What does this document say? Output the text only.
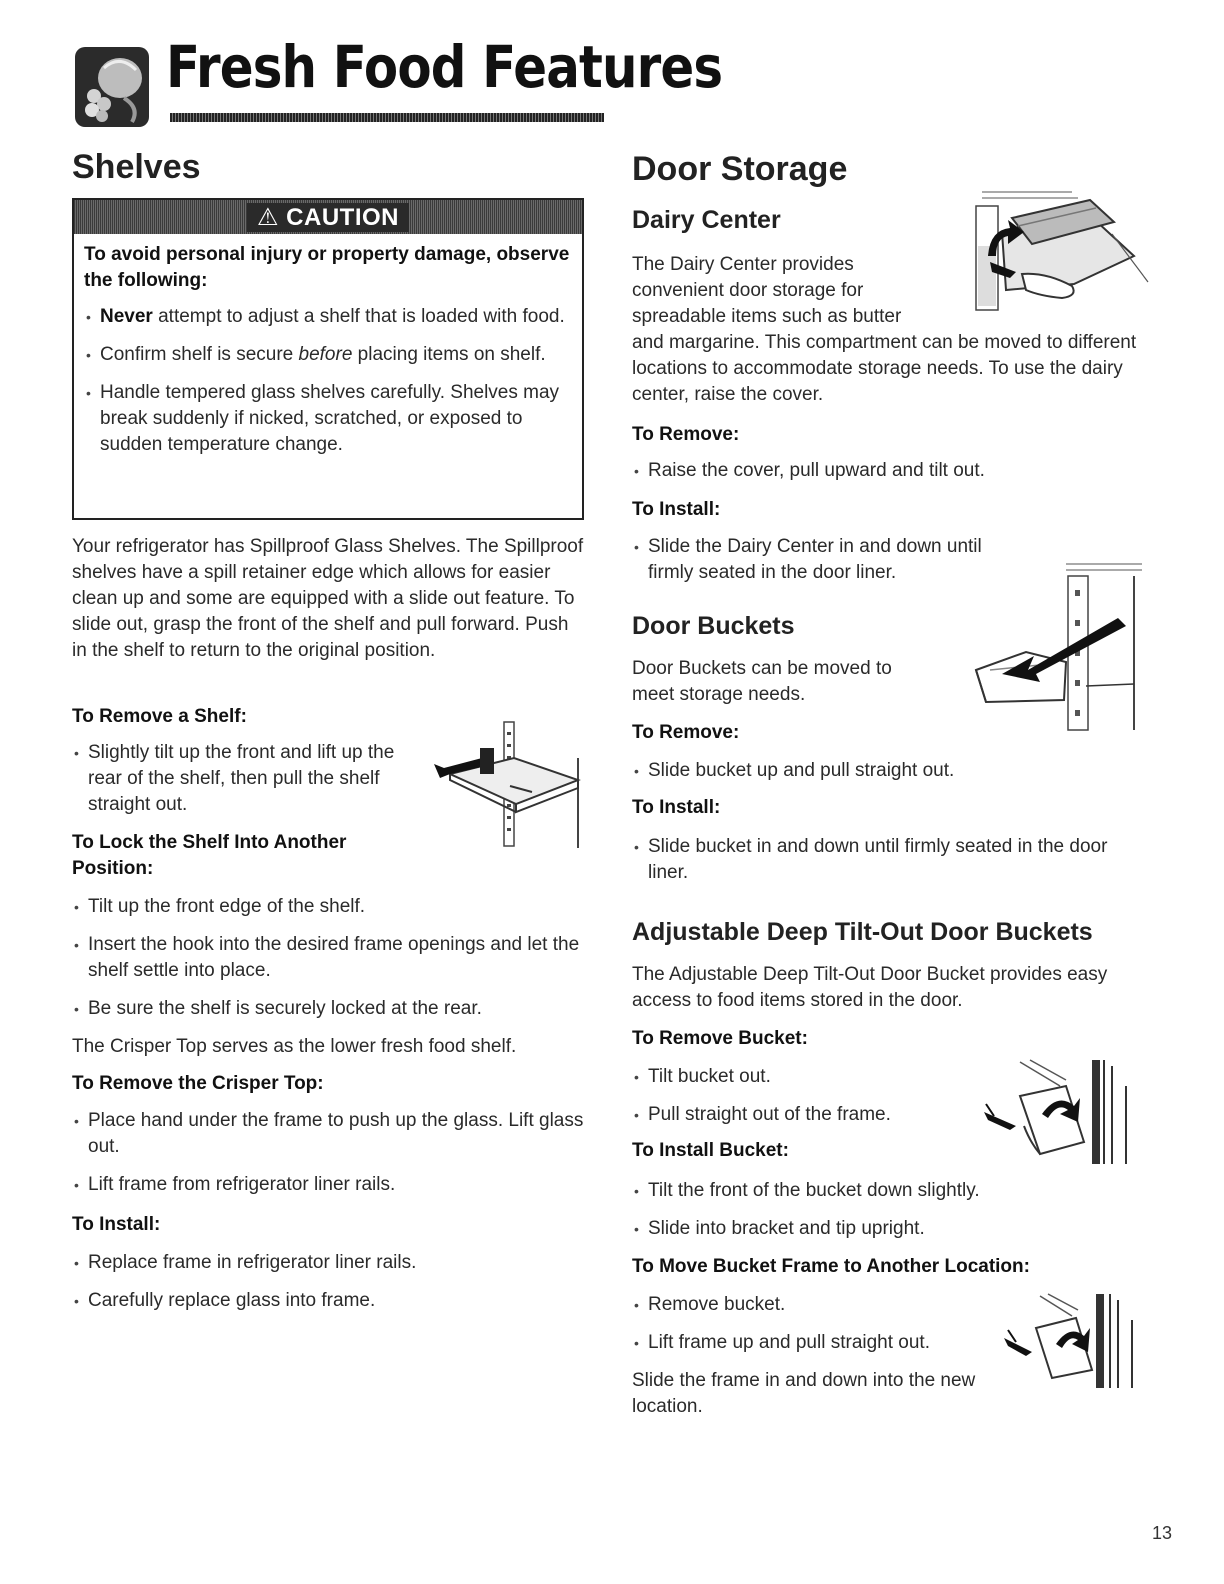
Fresh Food Features
Shelves
⚠ CAUTION
To avoid personal injury or property damage, observe the following:
• Never attempt to adjust a shelf that is loaded with food.
• Confirm shelf is secure before placing items on shelf.
• Handle tempered glass shelves carefully. Shelves may break suddenly if nicked, scratched, or exposed to sudden temperature change.
Your refrigerator has Spillproof Glass Shelves. The Spillproof shelves have a spill retainer edge which allows for easier clean up and some are equipped with a slide out feature. To slide out, grasp the front of the shelf and pull forward. Push in the shelf to return to the original position.
To Remove a Shelf:
• Slightly tilt up the front and lift up the rear of the shelf, then pull the shelf straight out.
To Lock the Shelf Into Another Position:
• Tilt up the front edge of the shelf.
• Insert the hook into the desired frame openings and let the shelf settle into place.
• Be sure the shelf is securely locked at the rear.
The Crisper Top serves as the lower fresh food shelf.
To Remove the Crisper Top:
• Place hand under the frame to push up the glass. Lift glass out.
• Lift frame from refrigerator liner rails.
To Install:
• Replace frame in refrigerator liner rails.
• Carefully replace glass into frame.
Door Storage
Dairy Center
The Dairy Center provides convenient door storage for spreadable items such as butter
and margarine. This compartment can be moved to different locations to accommodate storage needs. To use the dairy center, raise the cover.
To Remove:
• Raise the cover, pull upward and tilt out.
To Install:
• Slide the Dairy Center in and down until firmly seated in the door liner.
Door Buckets
Door Buckets can be moved to meet storage needs.
To Remove:
• Slide bucket up and pull straight out.
To Install:
• Slide bucket in and down until firmly seated in the door liner.
Adjustable Deep Tilt-Out Door Buckets
The Adjustable Deep Tilt-Out Door Bucket provides easy access to food items stored in the door.
To Remove Bucket:
• Tilt bucket out.
• Pull straight out of the frame.
To Install Bucket:
• Tilt the front of the bucket down slightly.
• Slide into bracket and tip upright.
To Move Bucket Frame to Another Location:
• Remove bucket.
• Lift frame up and pull straight out.
Slide the frame in and down into the new location.
13
